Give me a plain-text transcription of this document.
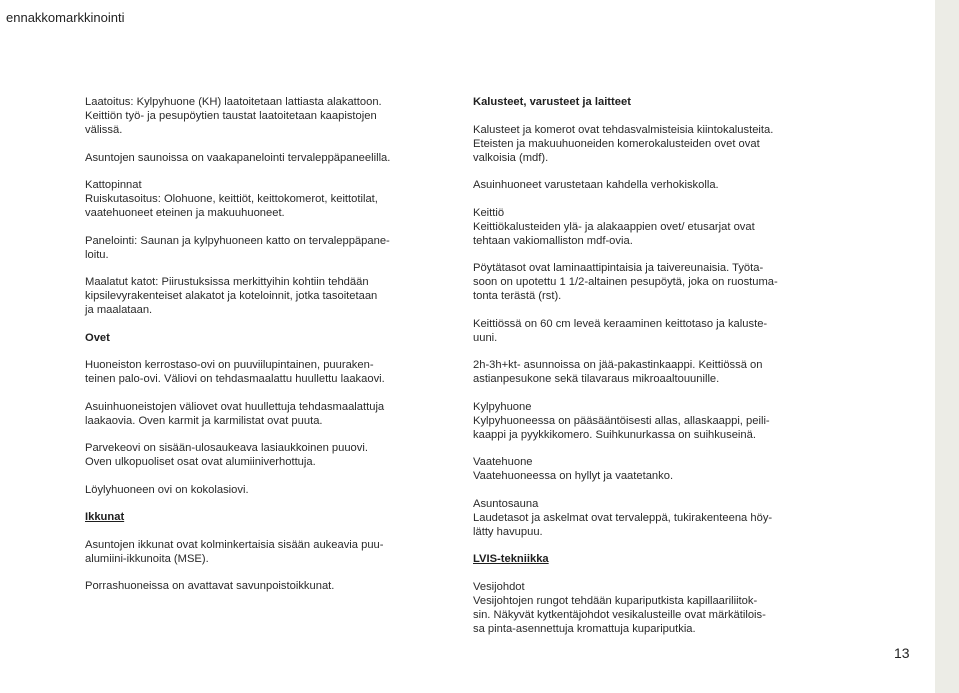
ennakkomarkkinointi
13

Laatoitus: Kylpyhuone (KH) laatoitetaan lattiasta alakattoon.
Keittiön työ- ja pesupöytien taustat laatoitetaan kaapistojen
välissä.

Asuntojen saunoissa on vaakapanelointi tervaleppäpaneelilla.

Kattopinnat
Ruiskutasoitus: Olohuone, keittiöt, keittokomerot, keittotilat,
vaatehuoneet eteinen ja makuuhuoneet.

Panelointi: Saunan ja kylpyhuoneen katto on tervaleppäpane-
loitu.

Maalatut katot: Piirustuksissa merkittyihin kohtiin tehdään
kipsilevyrakenteiset alakatot ja koteloinnit, jotka tasoitetaan
ja maalataan.

Ovet

Huoneiston kerrostaso-ovi on puuviilupintainen, puuraken-
teinen palo-ovi. Väliovi on tehdasmaalattu huullettu laakaovi.

Asuinhuoneistojen väliovet ovat huullettuja tehdasmaalattuja
laakaovia. Oven karmit ja karmilistat ovat puuta.

Parvekeovi on sisään-ulosaukeava lasiaukkoinen puuovi.
Oven ulkopuoliset osat ovat alumiiniverhottuja.

Löylyhuoneen ovi on kokolasiovi.

Ikkunat

Asuntojen ikkunat ovat kolminkertaisia sisään aukeavia puu-
alumiini-ikkunoita (MSE).

Porrashuoneissa on avattavat savunpoistoikkunat.

Kalusteet, varusteet ja laitteet

Kalusteet ja komerot ovat tehdasvalmisteisia kiintokalusteita.
Eteisten ja makuuhuoneiden komerokalusteiden ovet ovat
valkoisia (mdf).

Asuinhuoneet varustetaan kahdella verhokiskolla.

Keittiö
Keittiökalusteiden ylä- ja alakaappien ovet/ etusarjat ovat
tehtaan vakiomalliston mdf-ovia.

Pöytätasot ovat laminaattipintaisia ja taivereunaisia. Työta-
soon on upotettu 1 1/2-altainen pesupöytä, joka on ruostuma-
tonta terästä (rst).

Keittiössä on 60 cm leveä keraaminen keittotaso ja kaluste-
uuni.

2h-3h+kt- asunnoissa on jää-pakastinkaappi. Keittiössä on
astianpesukone sekä tilavaraus mikroaaltouunille.

Kylpyhuone
Kylpyhuoneessa on pääsääntöisesti allas, allaskaappi, peili-
kaappi ja pyykkikomero. Suihkunurkassa on suihkuseinä.

Vaatehuone
Vaatehuoneessa on hyllyt ja vaatetanko.

Asuntosauna
Laudetasot ja askelmat ovat tervaleppä, tukirakenteena höy-
lätty havupuu.

LVIS-tekniikka

Vesijohdot
Vesijohtojen rungot tehdään kupariputkista kapillaariliitok-
sin. Näkyvät kytkentäjohdot vesikalusteille ovat märkätilois-
sa pinta-asennettuja kromattuja kupariputkia.
